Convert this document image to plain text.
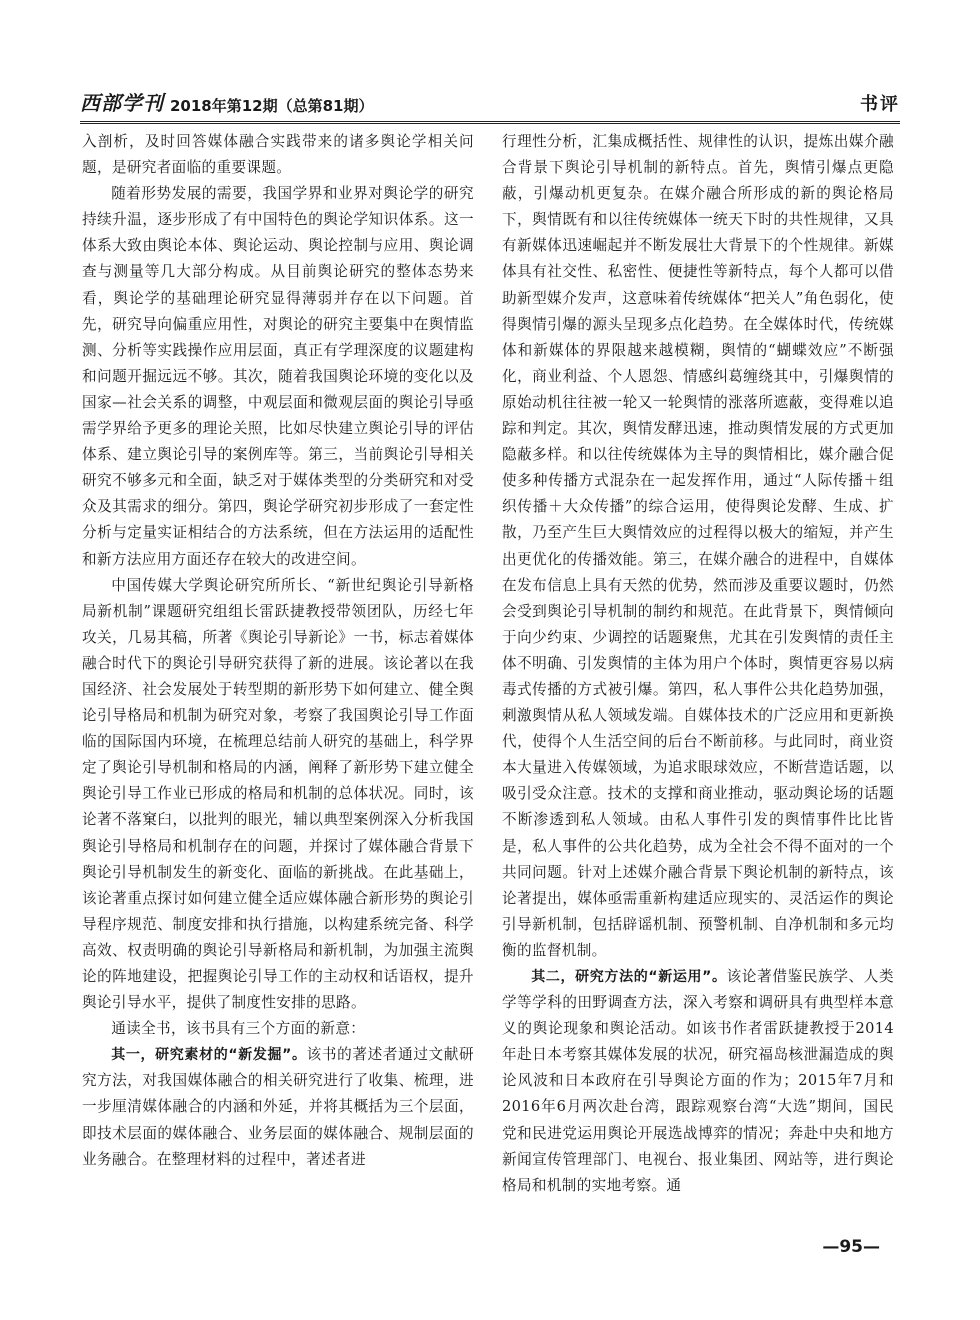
西部学刊 2018年第12期（总第81期）	书评

入剖析，及时回答媒体融合实践带来的诸多舆论学相关问题，是研究者面临的重要课题。

随着形势发展的需要，我国学界和业界对舆论学的研究持续升温，逐步形成了有中国特色的舆论学知识体系。这一体系大致由舆论本体、舆论运动、舆论控制与应用、舆论调查与测量等几大部分构成。从目前舆论研究的整体态势来看，舆论学的基础理论研究显得薄弱并存在以下问题。首先，研究导向偏重应用性，对舆论的研究主要集中在舆情监测、分析等实践操作应用层面，真正有学理深度的议题建构和问题开掘远远不够。其次，随着我国舆论环境的变化以及国家—社会关系的调整，中观层面和微观层面的舆论引导亟需学界给予更多的理论关照，比如尽快建立舆论引导的评估体系、建立舆论引导的案例库等。第三，当前舆论引导相关研究不够多元和全面，缺乏对于媒体类型的分类研究和对受众及其需求的细分。第四，舆论学研究初步形成了一套定性分析与定量实证相结合的方法系统，但在方法运用的适配性和新方法应用方面还存在较大的改进空间。

中国传媒大学舆论研究所所长、“新世纪舆论引导新格局新机制”课题研究组组长雷跃捷教授带领团队，历经七年攻关，几易其稿，所著《舆论引导新论》一书，标志着媒体融合时代下的舆论引导研究获得了新的进展。该论著以在我国经济、社会发展处于转型期的新形势下如何建立、健全舆论引导格局和机制为研究对象，考察了我国舆论引导工作面临的国际国内环境，在梳理总结前人研究的基础上，科学界定了舆论引导机制和格局的内涵，阐释了新形势下建立健全舆论引导工作业已形成的格局和机制的总体状况。同时，该论著不落窠臼，以批判的眼光，辅以典型案例深入分析我国舆论引导格局和机制存在的问题，并探讨了媒体融合背景下舆论引导机制发生的新变化、面临的新挑战。在此基础上，该论著重点探讨如何建立健全适应媒体融合新形势的舆论引导程序规范、制度安排和执行措施，以构建系统完备、科学高效、权责明确的舆论引导新格局和新机制，为加强主流舆论的阵地建设，把握舆论引导工作的主动权和话语权，提升舆论引导水平，提供了制度性安排的思路。

通读全书，该书具有三个方面的新意：

其一，研究素材的“新发掘”。该书的著述者通过文献研究方法，对我国媒体融合的相关研究进行了收集、梳理，进一步厘清媒体融合的内涵和外延，并将其概括为三个层面，即技术层面的媒体融合、业务层面的媒体融合、规制层面的业务融合。在整理材料的过程中，著述者进

行理性分析，汇集成概括性、规律性的认识，提炼出媒介融合背景下舆论引导机制的新特点。首先，舆情引爆点更隐蔽，引爆动机更复杂。在媒介融合所形成的新的舆论格局下，舆情既有和以往传统媒体一统天下时的共性规律，又具有新媒体迅速崛起并不断发展壮大背景下的个性规律。新媒体具有社交性、私密性、便捷性等新特点，每个人都可以借助新型媒介发声，这意味着传统媒体“把关人”角色弱化，使得舆情引爆的源头呈现多点化趋势。在全媒体时代，传统媒体和新媒体的界限越来越模糊，舆情的“蝴蝶效应”不断强化，商业利益、个人恩怨、情感纠葛缠绕其中，引爆舆情的原始动机往往被一轮又一轮舆情的涨落所遮蔽，变得难以追踪和判定。其次，舆情发酵迅速，推动舆情发展的方式更加隐蔽多样。和以往传统媒体为主导的舆情相比，媒介融合促使多种传播方式混杂在一起发挥作用，通过“人际传播＋组织传播＋大众传播”的综合运用，使得舆论发酵、生成、扩散，乃至产生巨大舆情效应的过程得以极大的缩短，并产生出更优化的传播效能。第三，在媒介融合的进程中，自媒体在发布信息上具有天然的优势，然而涉及重要议题时，仍然会受到舆论引导机制的制约和规范。在此背景下，舆情倾向于向少约束、少调控的话题聚焦，尤其在引发舆情的责任主体不明确、引发舆情的主体为用户个体时，舆情更容易以病毒式传播的方式被引爆。第四，私人事件公共化趋势加强，刺激舆情从私人领域发端。自媒体技术的广泛应用和更新换代，使得个人生活空间的后台不断前移。与此同时，商业资本大量进入传媒领域，为追求眼球效应，不断营造话题，以吸引受众注意。技术的支撑和商业推动，驱动舆论场的话题不断渗透到私人领域。由私人事件引发的舆情事件比比皆是，私人事件的公共化趋势，成为全社会不得不面对的一个共同问题。针对上述媒介融合背景下舆论机制的新特点，该论著提出，媒体亟需重新构建适应现实的、灵活运作的舆论引导新机制，包括辟谣机制、预警机制、自净机制和多元均衡的监督机制。

其二，研究方法的“新运用”。该论著借鉴民族学、人类学等学科的田野调查方法，深入考察和调研具有典型样本意义的舆论现象和舆论活动。如该书作者雷跃捷教授于2014年赴日本考察其媒体发展的状况，研究福岛核泄漏造成的舆论风波和日本政府在引导舆论方面的作为；2015年7月和2016年6月两次赴台湾，跟踪观察台湾“大选”期间，国民党和民进党运用舆论开展选战博弈的情况；奔赴中央和地方新闻宣传管理部门、电视台、报业集团、网站等，进行舆论格局和机制的实地考察。通

—95—
